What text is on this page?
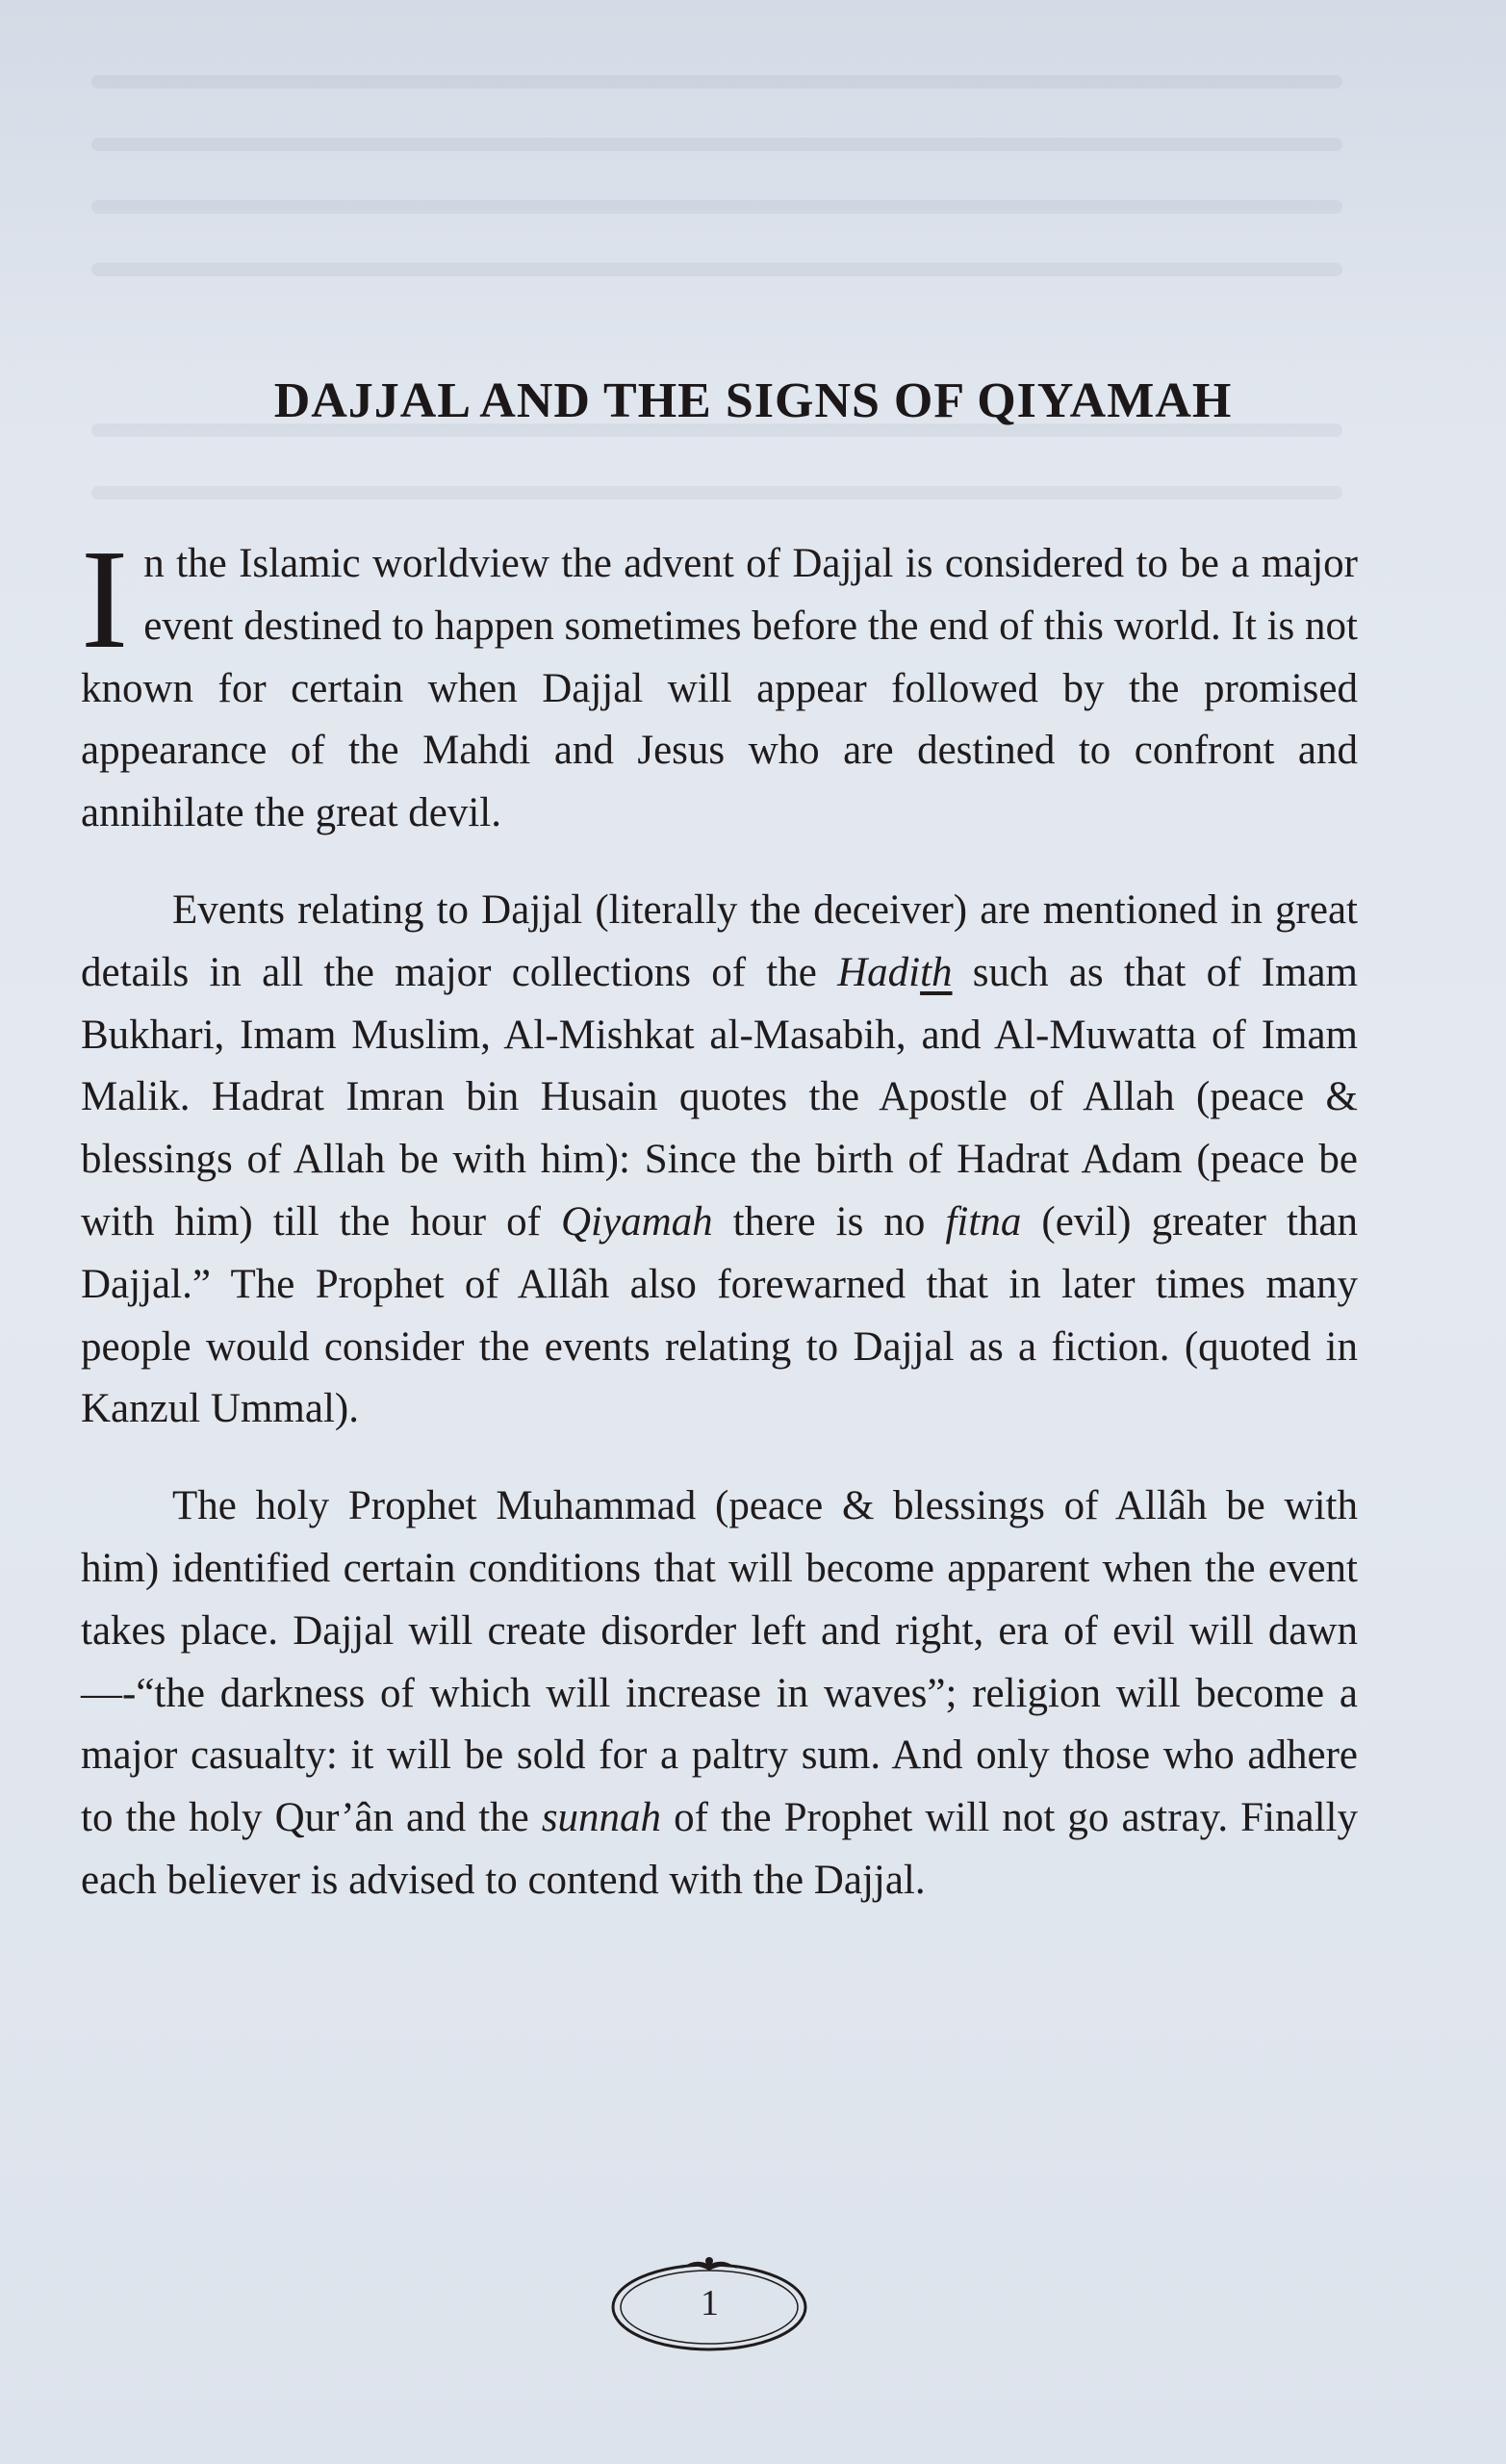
DAJJAL AND THE SIGNS OF QIYAMAH

In the Islamic worldview the advent of Dajjal is considered to be a major event destined to happen sometimes before the end of this world. It is not known for certain when Dajjal will appear followed by the promised appearance of the Mahdi and Jesus who are destined to confront and annihilate the great devil.

Events relating to Dajjal (literally the deceiver) are mentioned in great details in all the major collections of the Hadith such as that of Imam Bukhari, Imam Muslim, Al-Mishkat al-Masabih, and Al-Muwatta of Imam Malik. Hadrat Imran bin Husain quotes the Apostle of Allah (peace & blessings of Allah be with him): Since the birth of Hadrat Adam (peace be with him) till the hour of Qiyamah there is no fitna (evil) greater than Dajjal.” The Prophet of Allâh also forewarned that in later times many people would consider the events relating to Dajjal as a fiction. (quoted in Kanzul Ummal).

The holy Prophet Muhammad (peace & blessings of Allâh be with him) identified certain conditions that will become apparent when the event takes place. Dajjal will create disorder left and right, era of evil will dawn—-“the darkness of which will increase in waves”; religion will become a major casualty: it will be sold for a paltry sum. And only those who adhere to the holy Qur’ân and the sunnah of the Prophet will not go astray. Finally each believer is advised to contend with the Dajjal.

1
